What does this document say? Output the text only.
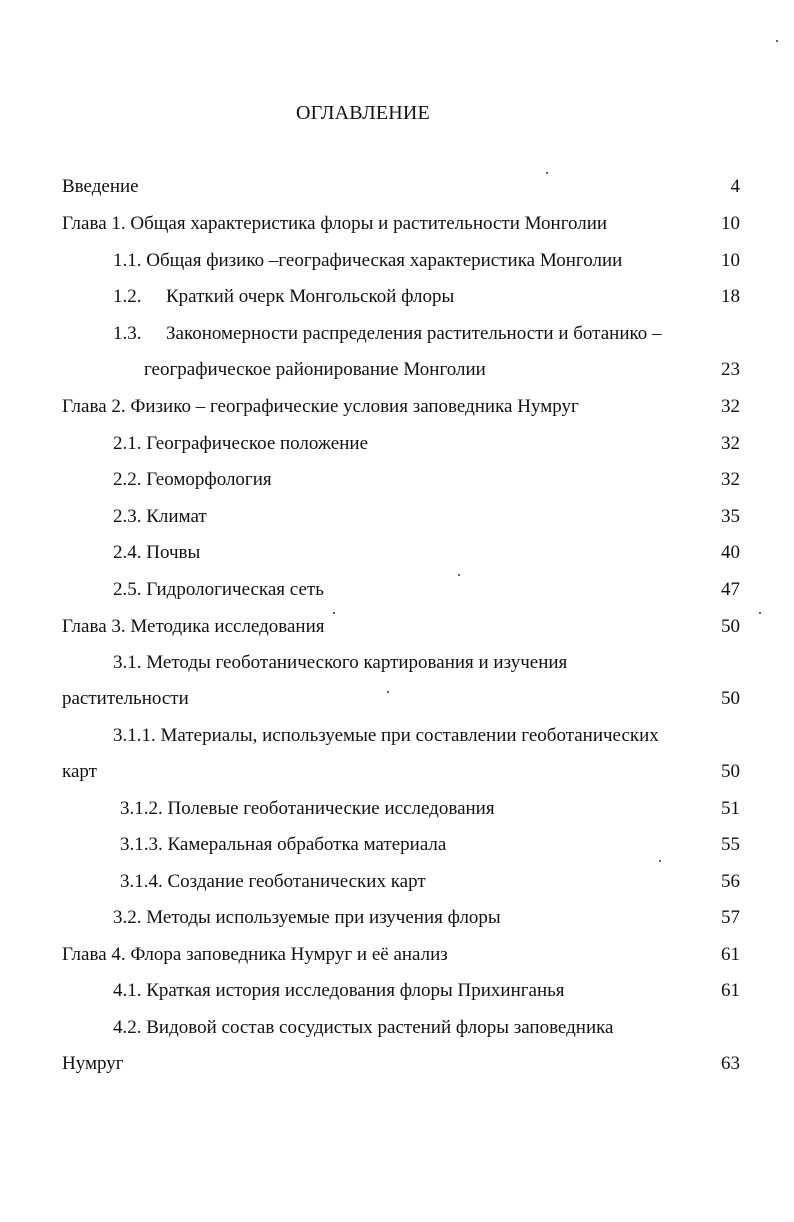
ОГЛАВЛЕНИЕ
Введение	4
Глава 1. Общая характеристика флоры и растительности Монголии	10
1.1. Общая физико –географическая характеристика Монголии	10
1.2. Краткий очерк Монгольской флоры	18
1.3. Закономерности распределения растительности и ботанико –
географическое районирование Монголии	23
Глава 2. Физико – географические условия заповедника Нумруг	32
2.1. Географическое положение	32
2.2. Геоморфология	32
2.3. Климат	35
2.4. Почвы	40
2.5. Гидрологическая сеть	47
Глава 3. Методика исследования	50
3.1. Методы геоботанического картирования и изучения
растительности	50
3.1.1. Материалы, используемые при составлении геоботанических
карт	50
3.1.2. Полевые геоботанические исследования	51
3.1.3. Камеральная обработка материала	55
3.1.4. Создание геоботанических карт	56
3.2. Методы используемые при изучения флоры	57
Глава 4. Флора заповедника Нумруг и её анализ	61
4.1. Краткая история исследования флоры Прихинганья	61
4.2. Видовой состав сосудистых растений флоры заповедника
Нумруг	63
